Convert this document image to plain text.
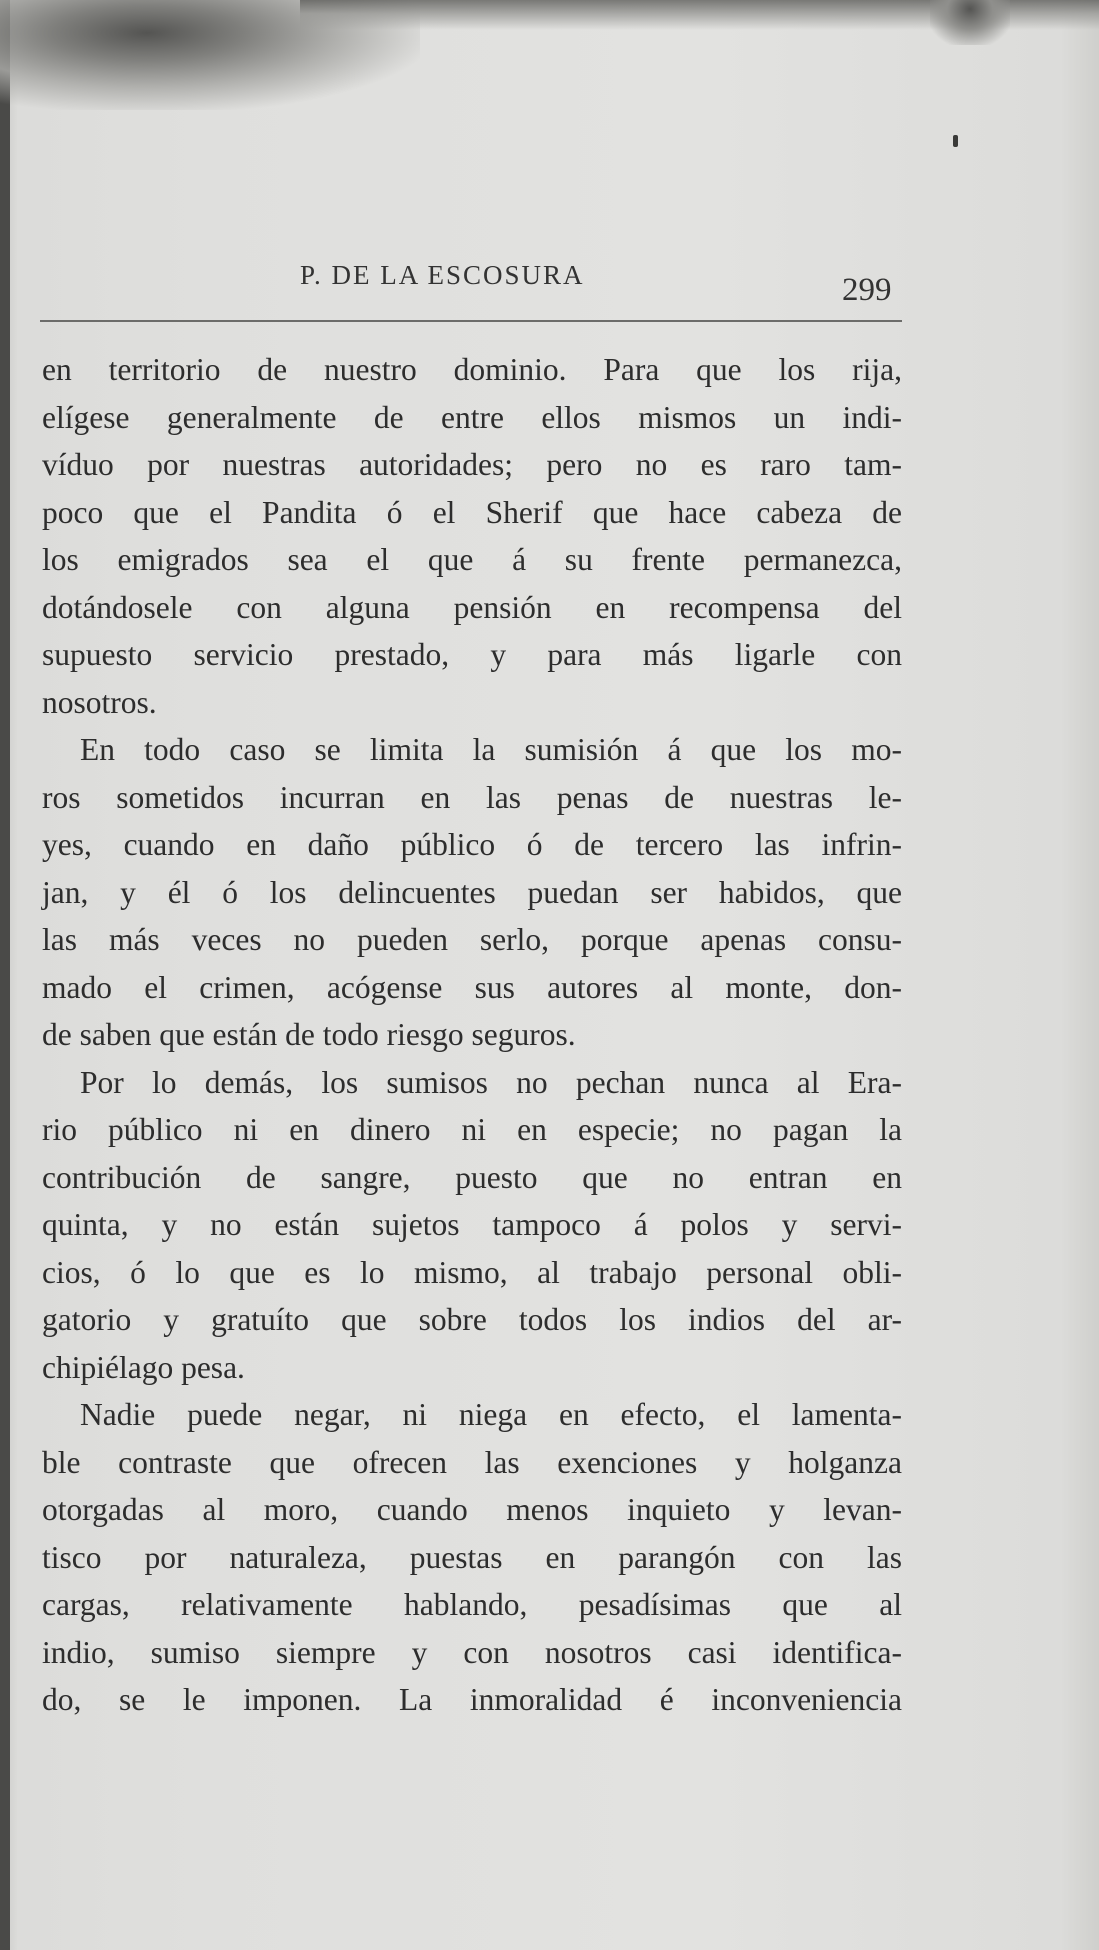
P. DE LA ESCOSURA	299
en territorio de nuestro dominio. Para que los rija,
elígese generalmente de entre ellos mismos un indi-
víduo por nuestras autoridades; pero no es raro tam-
poco que el Pandita ó el Sherif que hace cabeza de
los emigrados sea el que á su frente permanezca,
dotándosele con alguna pensión en recompensa del
supuesto servicio prestado, y para más ligarle con
nosotros.
En todo caso se limita la sumisión á que los mo-
ros sometidos incurran en las penas de nuestras le-
yes, cuando en daño público ó de tercero las infrin-
jan, y él ó los delincuentes puedan ser habidos, que
las más veces no pueden serlo, porque apenas consu-
mado el crimen, acógense sus autores al monte, don-
de saben que están de todo riesgo seguros.
Por lo demás, los sumisos no pechan nunca al Era-
rio público ni en dinero ni en especie; no pagan la
contribución de sangre, puesto que no entran en
quinta, y no están sujetos tampoco á polos y servi-
cios, ó lo que es lo mismo, al trabajo personal obli-
gatorio y gratuíto que sobre todos los indios del ar-
chipiélago pesa.
Nadie puede negar, ni niega en efecto, el lamenta-
ble contraste que ofrecen las exenciones y holganza
otorgadas al moro, cuando menos inquieto y levan-
tisco por naturaleza, puestas en parangón con las
cargas, relativamente hablando, pesadísimas que al
indio, sumiso siempre y con nosotros casi identifica-
do, se le imponen. La inmoralidad é inconveniencia
